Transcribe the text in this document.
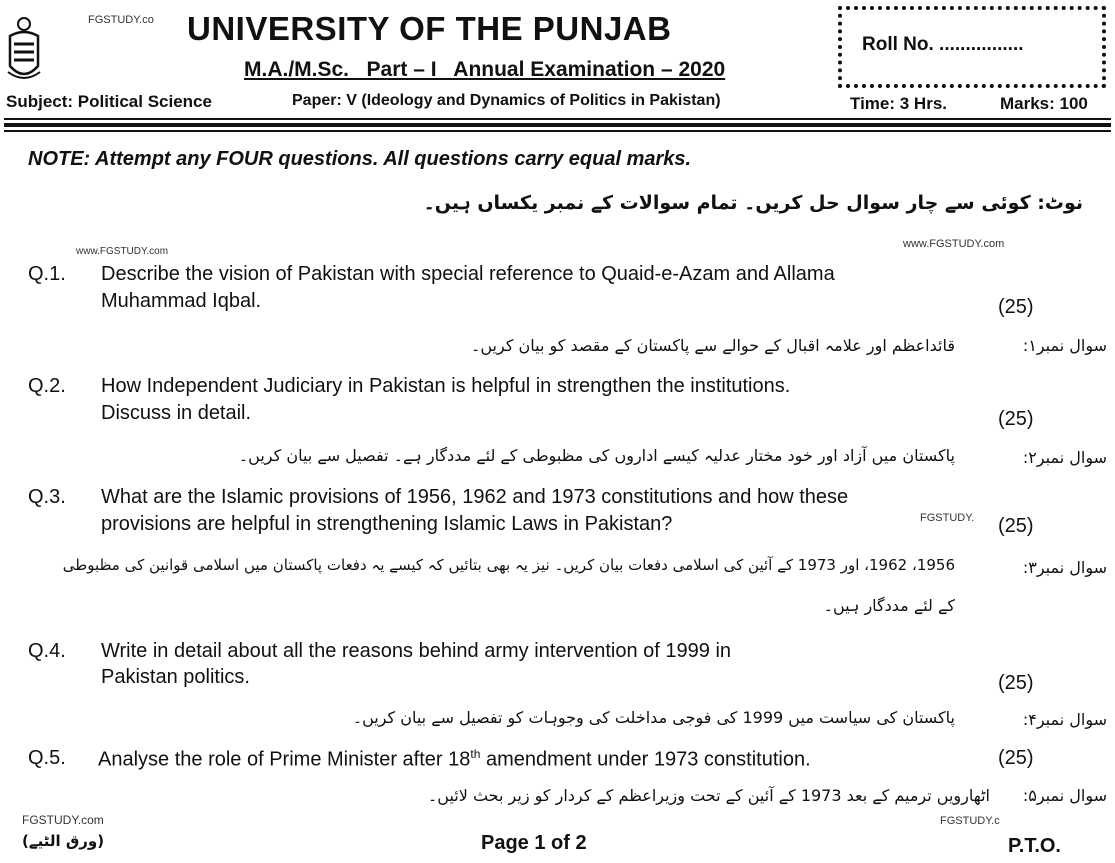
FGSTUDY.co UNIVERSITY OF THE PUNJAB
M.A./M.Sc.   Part – I   Annual Examination – 2020
Roll No. ................
Subject: Political Science	Paper: V (Ideology and Dynamics of Politics in Pakistan)	Time: 3 Hrs.	Marks: 100
NOTE: Attempt any FOUR questions. All questions carry equal marks.
نوٹ: کوئی سے چار سوال حل کریں۔ تمام سوالات کے نمبر یکساں ہیں۔
www.FGSTUDY.com
www.FGSTUDY.com
Q.1. Describe the vision of Pakistan with special reference to Quaid-e-Azam and Allama
Muhammad Iqbal.	(25)
سوال نمبر۱:
قائداعظم اور علامہ اقبال کے حوالے سے پاکستان کے مقصد کو بیان کریں۔
Q.2. How Independent Judiciary in Pakistan is helpful in strengthen the institutions.
Discuss in detail.	(25)
سوال نمبر۲:
پاکستان میں آزاد اور خود مختار عدلیہ کیسے اداروں کی مظبوطی کے لئے مددگار ہے۔ تفصیل سے بیان کریں۔
Q.3. What are the Islamic provisions of 1956, 1962 and 1973 constitutions and how these
provisions are helpful in strengthening Islamic Laws in Pakistan?	FGSTUDY. (25)
سوال نمبر۳:
1956، 1962، اور 1973 کے آئین کی اسلامی دفعات بیان کریں۔ نیز یہ بھی بتائیں کہ کیسے یہ دفعات پاکستان میں اسلامی قوانین کی مظبوطی
کے لئے مددگار ہیں۔
Q.4. Write in detail about all the reasons behind army intervention of 1999 in
Pakistan politics.	(25)
سوال نمبر۴:
پاکستان کی سیاست میں 1999 کی فوجی مداخلت کی وجوہات کو تفصیل سے بیان کریں۔
Q.5. Analyse the role of Prime Minister after 18th amendment under 1973 constitution.	(25)
سوال نمبر۵:
اٹھارویں ترمیم کے بعد 1973 کے آئین کے تحت وزیراعظم کے کردار کو زیر بحث لائیں۔
FGSTUDY.c
FGSTUDY.com
(ورق الٹیے)	Page 1 of 2	P.T.O.
